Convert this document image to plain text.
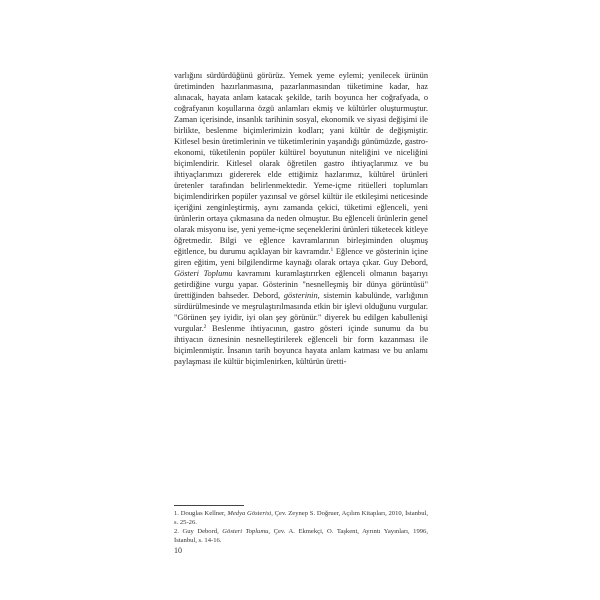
varlığını sürdürdüğünü görürüz. Yemek yeme eylemi; yenilecek ürünün üretiminden hazırlanmasına, pazarlanmasından tüketimine kadar, haz alınacak, hayata anlam katacak şekilde, tarih boyunca her coğrafyada, o coğrafyanın koşullarına özgü anlamları ekmiş ve kültürler oluşturmuştur. Zaman içerisinde, insanlık tarihinin sosyal, ekonomik ve siyasi değişimi ile birlikte, beslenme biçimlerimizin kodları; yani kültür de değişmiştir. Kitlesel besin üretimlerinin ve tüketimlerinin yaşandığı günümüzde, gastro-ekonomi, tüketilenin popüler kültürel boyutunun niteliğini ve niceliğini biçimlendirir. Kitlesel olarak öğretilen gastro ihtiyaçlarımız ve bu ihtiyaçlarımızı gidererek elde ettiğimiz hazlarımız, kültürel ürünleri üretenler tarafından belirlenmektedir. Yeme-içme ritüelleri toplumları biçimlendirirken popüler yazınsal ve görsel kültür ile etkileşimi neticesinde içeriğini zenginleştirmiş, aynı zamanda çekici, tüketimi eğlenceli, yeni ürünlerin ortaya çıkmasına da neden olmuştur. Bu eğlenceli ürünlerin genel olarak misyonu ise, yeni yeme-içme seçeneklerini ürünleri tüketecek kitleye öğretmedir. Bilgi ve eğlence kavramlarının birleşiminden oluşmuş eğitlence, bu durumu açıklayan bir kavramdır.$^1$ Eğlence ve gösterinin içine giren eğitim, yeni bilgilendirme kaynağı olarak ortaya çıkar. Guy Debord, Gösteri Toplumu kavramını kuramlaştırırken eğlenceli olmanın başarıyı getirdiğine vurgu yapar. Gösterinin "nesnelleşmiş bir dünya görüntüsü" ürettiğinden bahseder. Debord, gösterinin, sistemin kabulünde, varlığının sürdürülmesinde ve meşrulaştırılmasında etkin bir işlevi olduğunu vurgular. "Görünen şey iyidir, iyi olan şey görünür." diyerek bu edilgen kabullenişi vurgular.$^2$ Beslenme ihtiyacının, gastro gösteri içinde sunumu da bu ihtiyacın öznesinin nesnelleştirilerek eğlenceli bir form kazanması ile biçimlenmiştir. İnsanın tarih boyunca hayata anlam katması ve bu anlamı paylaşması ile kültür biçimlenirken, kültürün üretti-

1. Douglas Kellner, Medya Gösterisi, Çev. Zeynep S. Doğruer, Açılım Kitapları, 2010, İstanbul, s. 25-26.

2. Guy Debord, Gösteri Toplumu, Çev. A. Ekmekçi, O. Taşkent, Ayrıntı Yayınları, 1996, İstanbul, s. 14-16.

10
